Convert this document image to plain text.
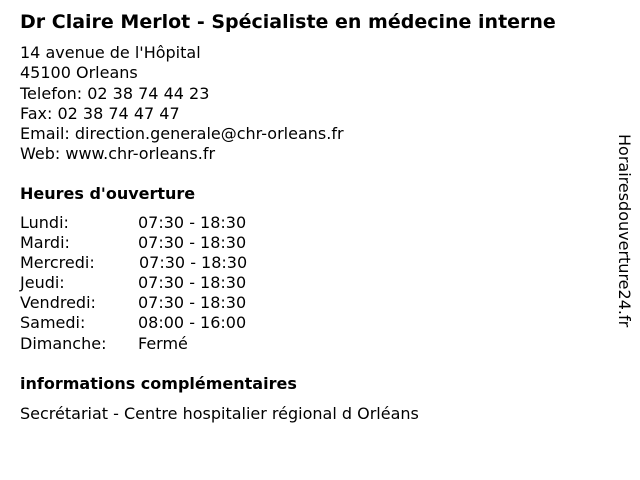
Dr Claire Merlot - Spécialiste en médecine interne
14 avenue de l'Hôpital
45100 Orleans
Telefon: 02 38 74 44 23
Fax: 02 38 74 47 47
Email: direction.generale@chr-orleans.fr
Web: www.chr-orleans.fr
Heures d'ouverture
Lundi:	07:30 - 18:30
Mardi:	07:30 - 18:30
Mercredi:	07:30 - 18:30
Jeudi:	07:30 - 18:30
Vendredi:	07:30 - 18:30
Samedi:	08:00 - 16:00
Dimanche: Fermé
informations complémentaires
Secrétariat - Centre hospitalier régional d Orléans
Horairesdouverture24.fr
